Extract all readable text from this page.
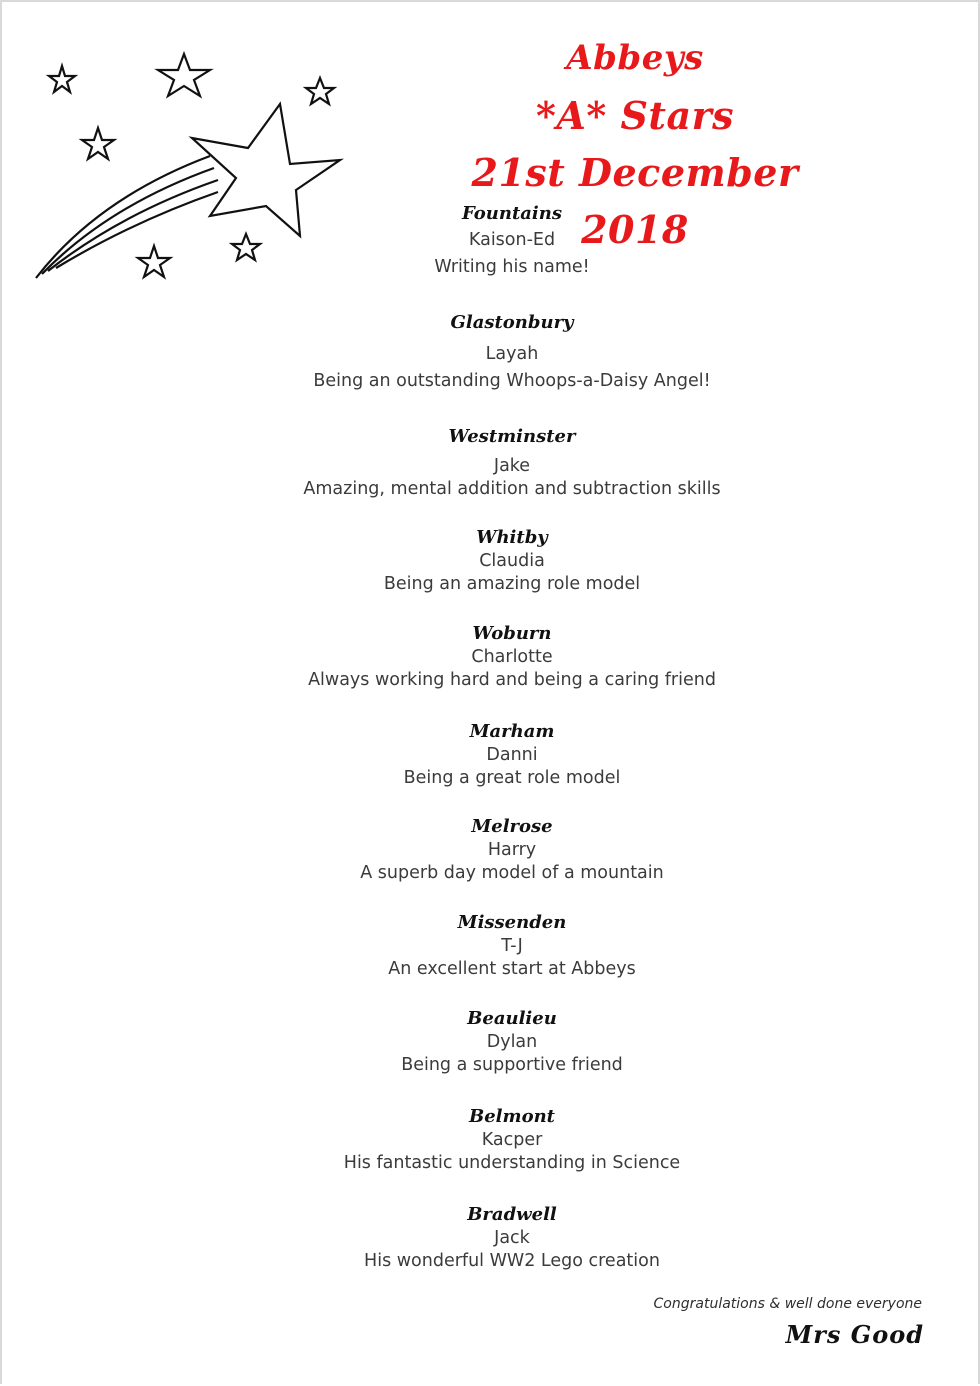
Abbeys
*A* Stars
21st December 2018
Fountains
Kaison-Ed
Writing his name!
Glastonbury
Layah
Being an outstanding Whoops-a-Daisy Angel!
Westminster
Jake
Amazing, mental addition and subtraction skills
Whitby
Claudia
Being an amazing role model
Woburn
Charlotte
Always working hard and being a caring friend
Marham
Danni
Being a great role model
Melrose
Harry
A superb day model of a mountain
Missenden
T-J
An excellent start at Abbeys
Beaulieu
Dylan
Being a supportive friend
Belmont
Kacper
His fantastic understanding in Science
Bradwell
Jack
His wonderful WW2 Lego creation
Congratulations & well done everyone
Mrs Good
